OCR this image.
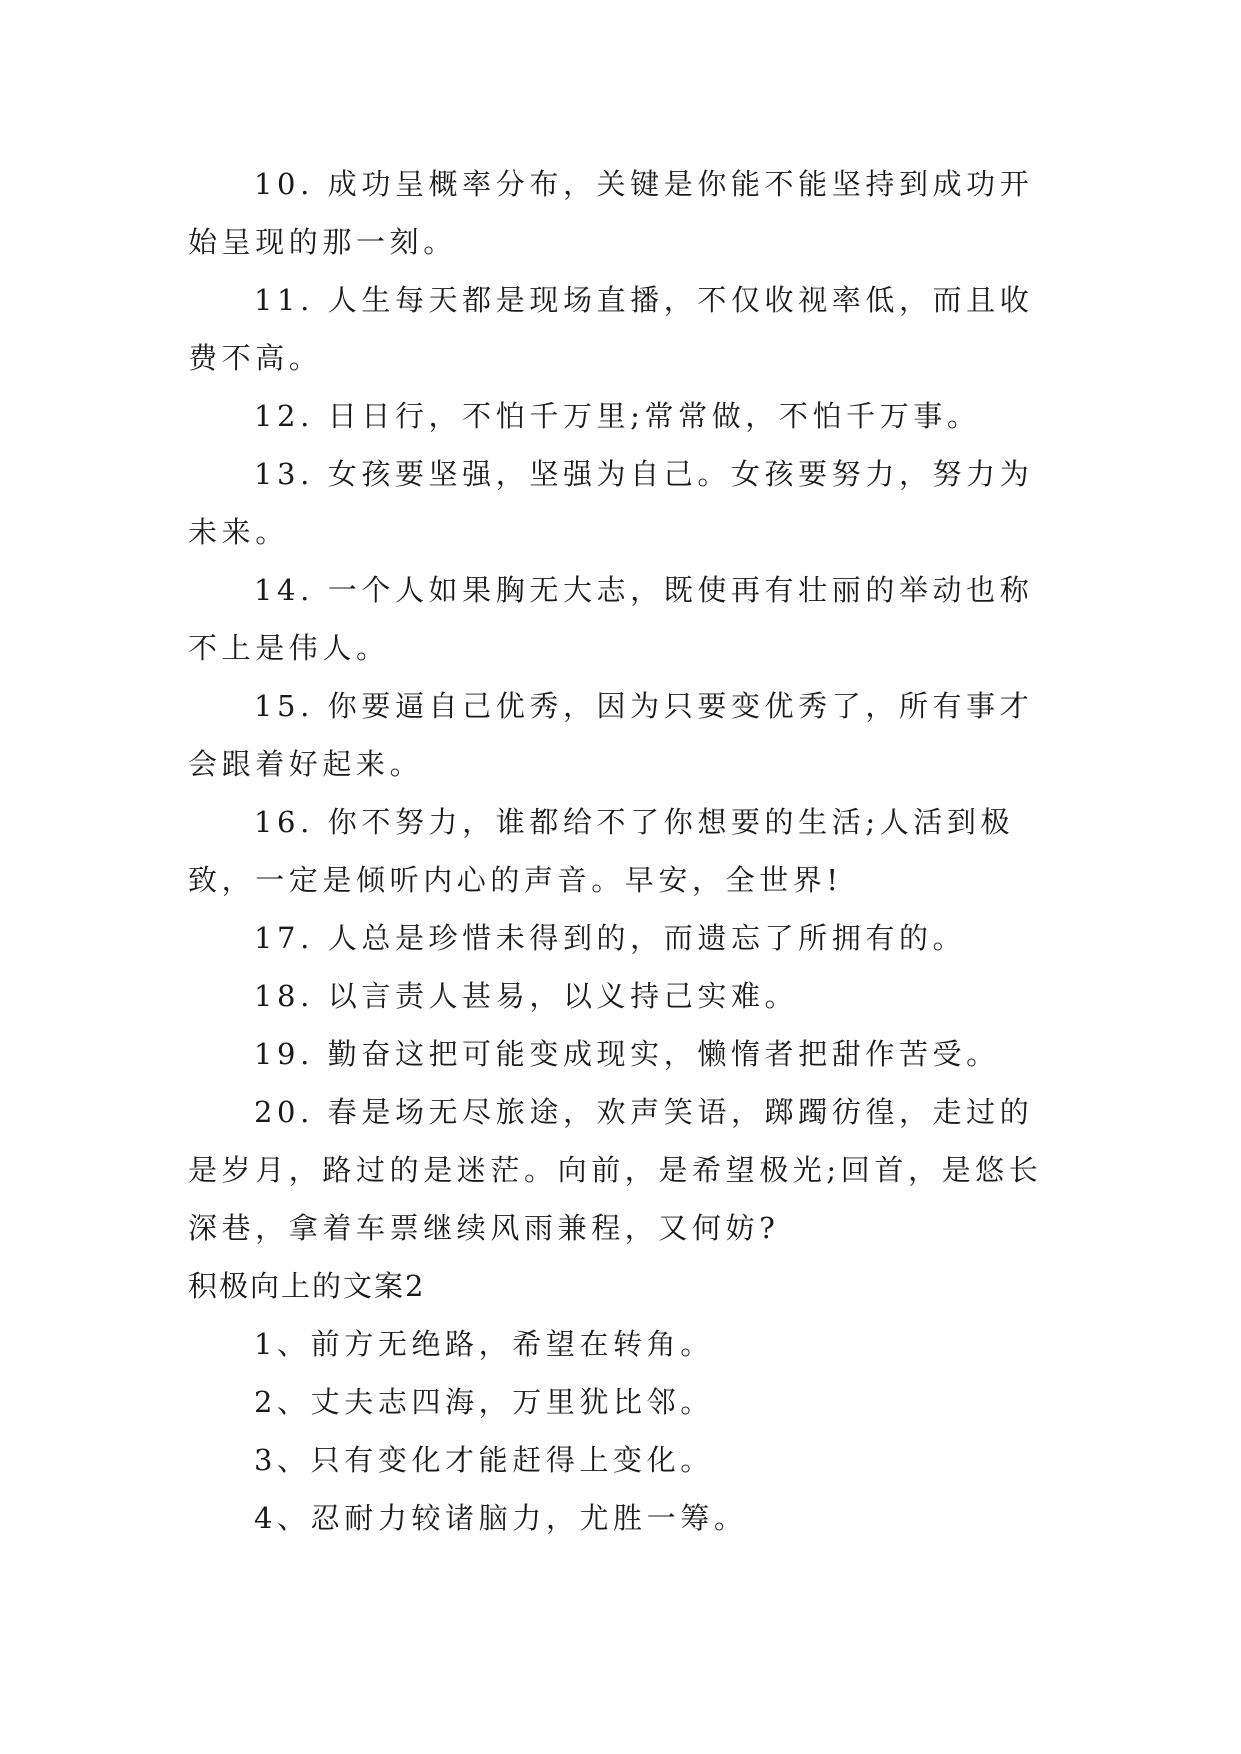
10. 成功呈概率分布，关键是你能不能坚持到成功开始呈现的那一刻。

11. 人生每天都是现场直播，不仅收视率低，而且收费不高。

12. 日日行，不怕千万里;常常做，不怕千万事。

13. 女孩要坚强，坚强为自己。女孩要努力，努力为未来。

14. 一个人如果胸无大志，既使再有壮丽的举动也称不上是伟人。

15. 你要逼自己优秀，因为只要变优秀了，所有事才会跟着好起来。

16. 你不努力，谁都给不了你想要的生活;人活到极致，一定是倾听内心的声音。早安，全世界!

17. 人总是珍惜未得到的，而遗忘了所拥有的。

18. 以言责人甚易，以义持己实难。

19. 勤奋这把可能变成现实，懒惰者把甜作苦受。

20. 春是场无尽旅途，欢声笑语，踯躅彷徨，走过的是岁月，路过的是迷茫。向前，是希望极光;回首，是悠长深巷，拿着车票继续风雨兼程，又何妨?

积极向上的文案2

1、前方无绝路，希望在转角。

2、丈夫志四海，万里犹比邻。

3、只有变化才能赶得上变化。

4、忍耐力较诸脑力，尤胜一筹。
